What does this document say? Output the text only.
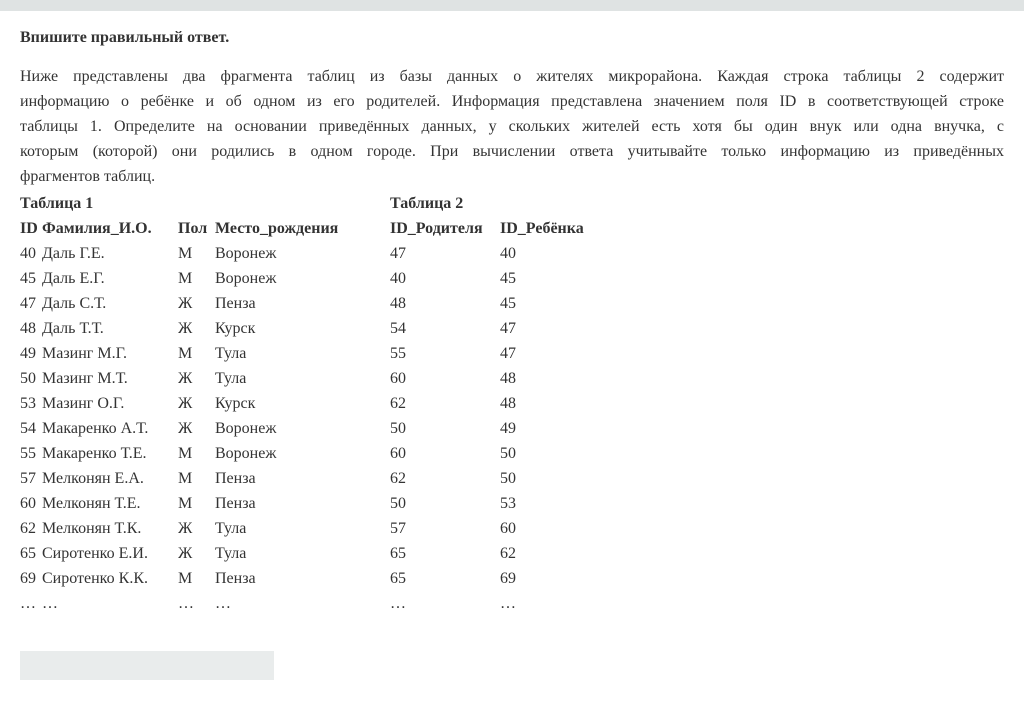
Впишите правильный ответ.
Ниже представлены два фрагмента таблиц из базы данных о жителях микрорайона. Каждая строка таблицы 2 содержит
информацию о ребёнке и об одном из его родителей. Информация представлена значением поля ID в соответствующей строке
таблицы 1. Определите на основании приведённых данных, у скольких жителей есть хотя бы один внук или одна внучка, с
которым (которой) они родились в одном городе. При вычислении ответа учитывайте только информацию из приведённых
фрагментов таблиц.
Таблица 1
ID Фамилия_И.О.	Пол Место_рождения
40 Даль Г.Е.	М	Воронеж
45 Даль Е.Г.	М	Воронеж
47 Даль С.Т.	Ж	Пенза
48 Даль Т.Т.	Ж	Курск
49 Мазинг М.Г.	М	Тула
50 Мазинг М.Т.	Ж	Тула
53 Мазинг О.Г.	Ж	Курск
54 Макаренко А.Т.	Ж	Воронеж
55 Макаренко Т.Е.	М	Воронеж
57 Мелконян Е.А.	М	Пенза
60 Мелконян Т.Е.	М	Пенза
62 Мелконян Т.К.	Ж	Тула
65 Сиротенко Е.И.	Ж	Тула
69 Сиротенко К.К.	М	Пенза
… …	…	…
Таблица 2
ID_Родителя	ID_Ребёнка
47	40
40	45
48	45
54	47
55	47
60	48
62	48
50	49
60	50
62	50
50	53
57	60
65	62
65	69
…	…
